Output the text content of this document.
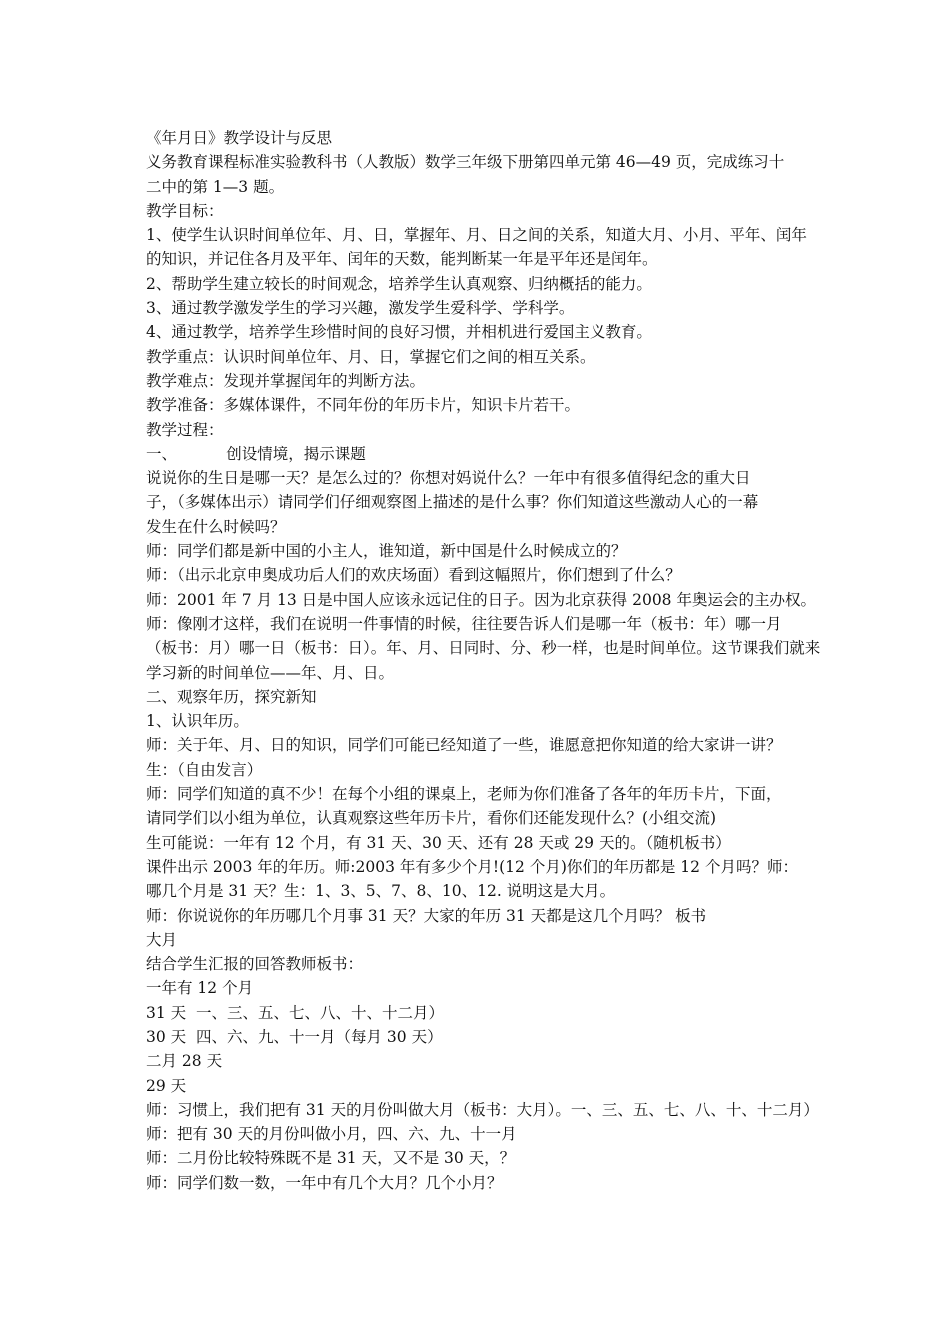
《年月日》教学设计与反思

义务教育课程标准实验教科书（人教版）数学三年级下册第四单元第 46—49 页，完成练习十

二中的第 1—3 题。

教学目标：

1、使学生认识时间单位年、月、日，掌握年、月、日之间的关系，知道大月、小月、平年、闰年

的知识，并记住各月及平年、闰年的天数，能判断某一年是平年还是闰年。

2、帮助学生建立较长的时间观念，培养学生认真观察、归纳概括的能力。

3、通过教学激发学生的学习兴趣，激发学生爱科学、学科学。

4、通过教学，培养学生珍惜时间的良好习惯，并相机进行爱国主义教育。

教学重点：认识时间单位年、月、日，掌握它们之间的相互关系。

教学难点：发现并掌握闰年的判断方法。

教学准备：多媒体课件，不同年份的年历卡片，知识卡片若干。

教学过程：

一、          创设情境，揭示课题

说说你的生日是哪一天？是怎么过的？你想对妈说什么？一年中有很多值得纪念的重大日

子，（多媒体出示）请同学们仔细观察图上描述的是什么事？你们知道这些激动人心的一幕

发生在什么时候吗？

师：同学们都是新中国的小主人，谁知道，新中国是什么时候成立的？

师：（出示北京申奥成功后人们的欢庆场面）看到这幅照片，你们想到了什么？

师：2001 年 7 月 13 日是中国人应该永远记住的日子。因为北京获得 2008 年奥运会的主办权。

师：像刚才这样，我们在说明一件事情的时候，往往要告诉人们是哪一年（板书：年）哪一月

（板书：月）哪一日（板书：日）。年、月、日同时、分、秒一样，也是时间单位。这节课我们就来

学习新的时间单位——年、月、日。

二、观察年历，探究新知

1、认识年历。

师：关于年、月、日的知识，同学们可能已经知道了一些，谁愿意把你知道的给大家讲一讲？

生：（自由发言）

师：同学们知道的真不少！在每个小组的课桌上，老师为你们准备了各年的年历卡片，下面，

请同学们以小组为单位，认真观察这些年历卡片，看你们还能发现什么？(小组交流)

生可能说：一年有 12 个月，有 31 天、30 天、还有 28 天或 29 天的。（随机板书）

课件出示 2003 年的年历。师:2003 年有多少个月!(12 个月)你们的年历都是 12 个月吗？师：

哪几个月是 31 天？生：1、3、5、7、8、10、12. 说明这是大月。

师：你说说你的年历哪几个月事 31 天？大家的年历 31 天都是这几个月吗？ 板书

大月

结合学生汇报的回答教师板书：

一年有 12 个月

31 天  一、三、五、七、八、十、十二月）

30 天  四、六、九、十一月（每月 30 天）

二月 28 天

29 天

师：习惯上，我们把有 31 天的月份叫做大月（板书：大月）。一、三、五、七、八、十、十二月）

师：把有 30 天的月份叫做小月，四、六、九、十一月

师：二月份比较特殊既不是 31 天，又不是 30 天，？

师：同学们数一数，一年中有几个大月？几个小月？
